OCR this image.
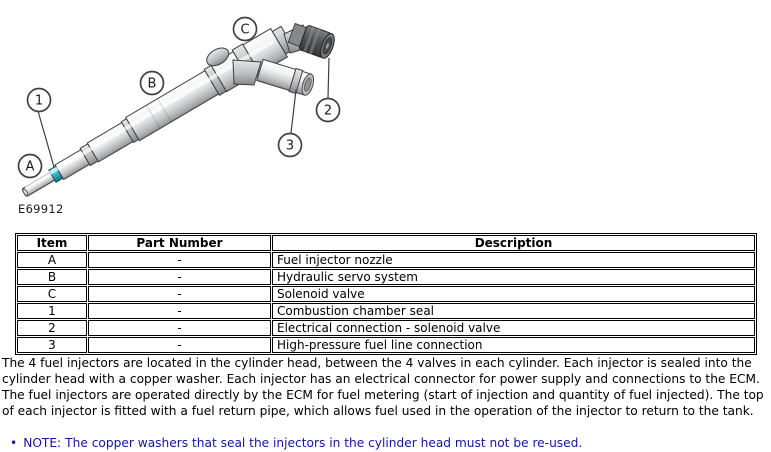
A
1
B
C
2
3
E69912
Item	Part Number	Description
A	-	Fuel injector nozzle
B	-	Hydraulic servo system
C	-	Solenoid valve
1	-	Combustion chamber seal
2	-	Electrical connection - solenoid valve
3	-	High-pressure fuel line connection
The 4 fuel injectors are located in the cylinder head, between the 4 valves in each cylinder. Each injector is sealed into the cylinder head with a copper washer. Each injector has an electrical connector for power supply and connections to the ECM. The fuel injectors are operated directly by the ECM for fuel metering (start of injection and quantity of fuel injected). The top of each injector is fitted with a fuel return pipe, which allows fuel used in the operation of the injector to return to the tank.
• NOTE: The copper washers that seal the injectors in the cylinder head must not be re-used.
